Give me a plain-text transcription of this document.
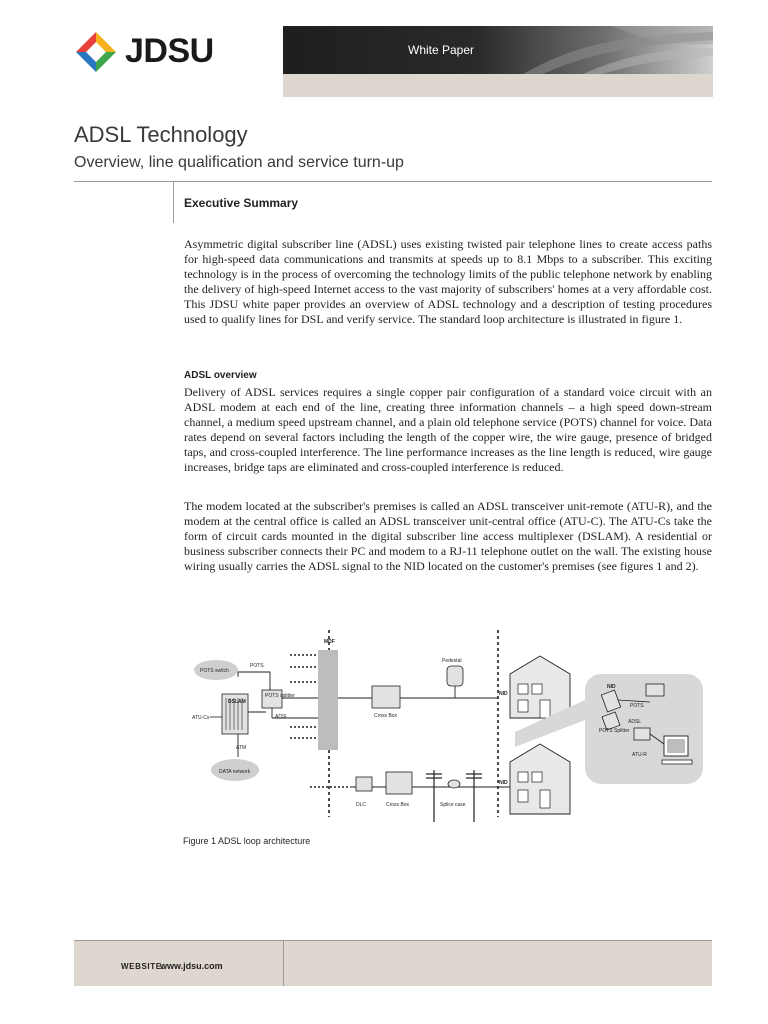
JDSU	White Paper
ADSL Technology
Overview, line qualification and service turn-up
Executive Summary

Asymmetric digital subscriber line (ADSL) uses existing twisted pair telephone lines to create access paths for high-speed data communications and transmits at speeds up to 8.1 Mbps to a subscriber. This exciting technology is in the process of overcoming the technology limits of the public telephone network by enabling the delivery of high-speed Internet access to the vast majority of subscribers' homes at a very affordable cost. This JDSU white paper provides an overview of ADSL technology and a description of testing procedures used to qualify lines for DSL and verify service. The standard loop architecture is illustrated in figure 1.

ADSL overview

Delivery of ADSL services requires a single copper pair configuration of a standard voice circuit with an ADSL modem at each end of the line, creating three information channels – a high speed down-stream channel, a medium speed upstream channel, and a plain old telephone service (POTS) channel for voice. Data rates depend on several factors including the length of the copper wire, the wire gauge, presence of bridged taps, and cross-coupled interference. The line performance increases as the line length is reduced, wire gauge increases, bridge taps are eliminated and cross-coupled interference is reduced.

The modem located at the subscriber's premises is called an ADSL transceiver unit-remote (ATU-R), and the modem at the central office is called an ADSL transceiver unit-central office (ATU-C). The ATU-Cs take the form of circuit cards mounted in the digital subscriber line access multiplexer (DSLAM). A residential or business subscriber connects their PC and modem to a RJ-11 telephone outlet on the wall. The existing house wiring usually carries the ADSL signal to the NID located on the customer's premises (see figures 1 and 2).

MDF
POTS switch
POTS
DSLAM
ATU-Cs
POTS splitter
ADSL
ATM
DATA network
Cross Box
Pedestal
NID
DLC	Cross Box	Splice case
NID
NID
POTS
ADSL
POTS Splitter
ATU-R
Figure 1 ADSL loop architecture
WEBSITE:
www.jdsu.com
